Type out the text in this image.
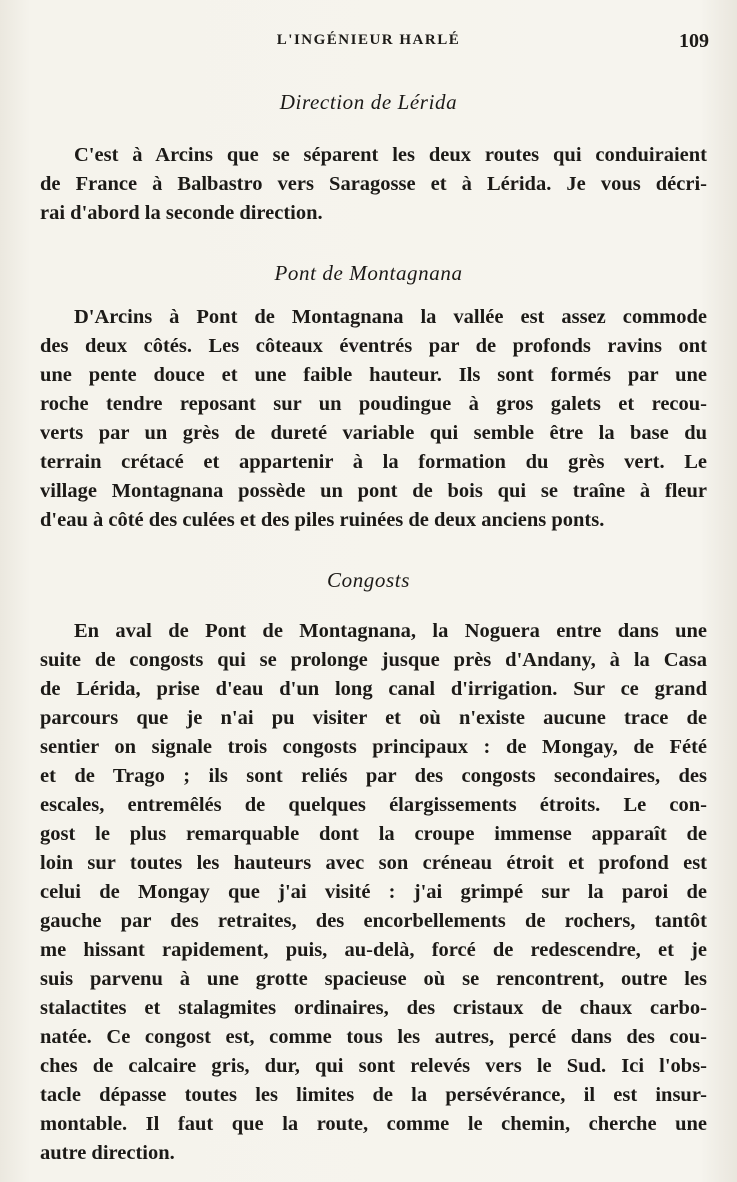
L'INGÉNIEUR HARLÉ	109
Direction de Lérida
C'est à Arcins que se séparent les deux routes qui conduiraient
de France à Balbastro vers Saragosse et à Lérida. Je vous décri-
rai d'abord la seconde direction.
Pont de Montagnana
D'Arcins à Pont de Montagnana la vallée est assez commode
des deux côtés. Les côteaux éventrés par de profonds ravins ont
une pente douce et une faible hauteur. Ils sont formés par une
roche tendre reposant sur un poudingue à gros galets et recou-
verts par un grès de dureté variable qui semble être la base du
terrain crétacé et appartenir à la formation du grès vert. Le
village Montagnana possède un pont de bois qui se traîne à fleur
d'eau à côté des culées et des piles ruinées de deux anciens ponts.
Congosts
En aval de Pont de Montagnana, la Noguera entre dans une
suite de congosts qui se prolonge jusque près d'Andany, à la Casa
de Lérida, prise d'eau d'un long canal d'irrigation. Sur ce grand
parcours que je n'ai pu visiter et où n'existe aucune trace de
sentier on signale trois congosts principaux : de Mongay, de Fété
et de Trago ; ils sont reliés par des congosts secondaires, des
escales, entremêlés de quelques élargissements étroits. Le con-
gost le plus remarquable dont la croupe immense apparaît de
loin sur toutes les hauteurs avec son créneau étroit et profond est
celui de Mongay que j'ai visité : j'ai grimpé sur la paroi de
gauche par des retraites, des encorbellements de rochers, tantôt
me hissant rapidement, puis, au-delà, forcé de redescendre, et je
suis parvenu à une grotte spacieuse où se rencontrent, outre les
stalactites et stalagmites ordinaires, des cristaux de chaux carbo-
natée. Ce congost est, comme tous les autres, percé dans des cou-
ches de calcaire gris, dur, qui sont relevés vers le Sud. Ici l'obs-
tacle dépasse toutes les limites de la persévérance, il est insur-
montable. Il faut que la route, comme le chemin, cherche une
autre direction.
